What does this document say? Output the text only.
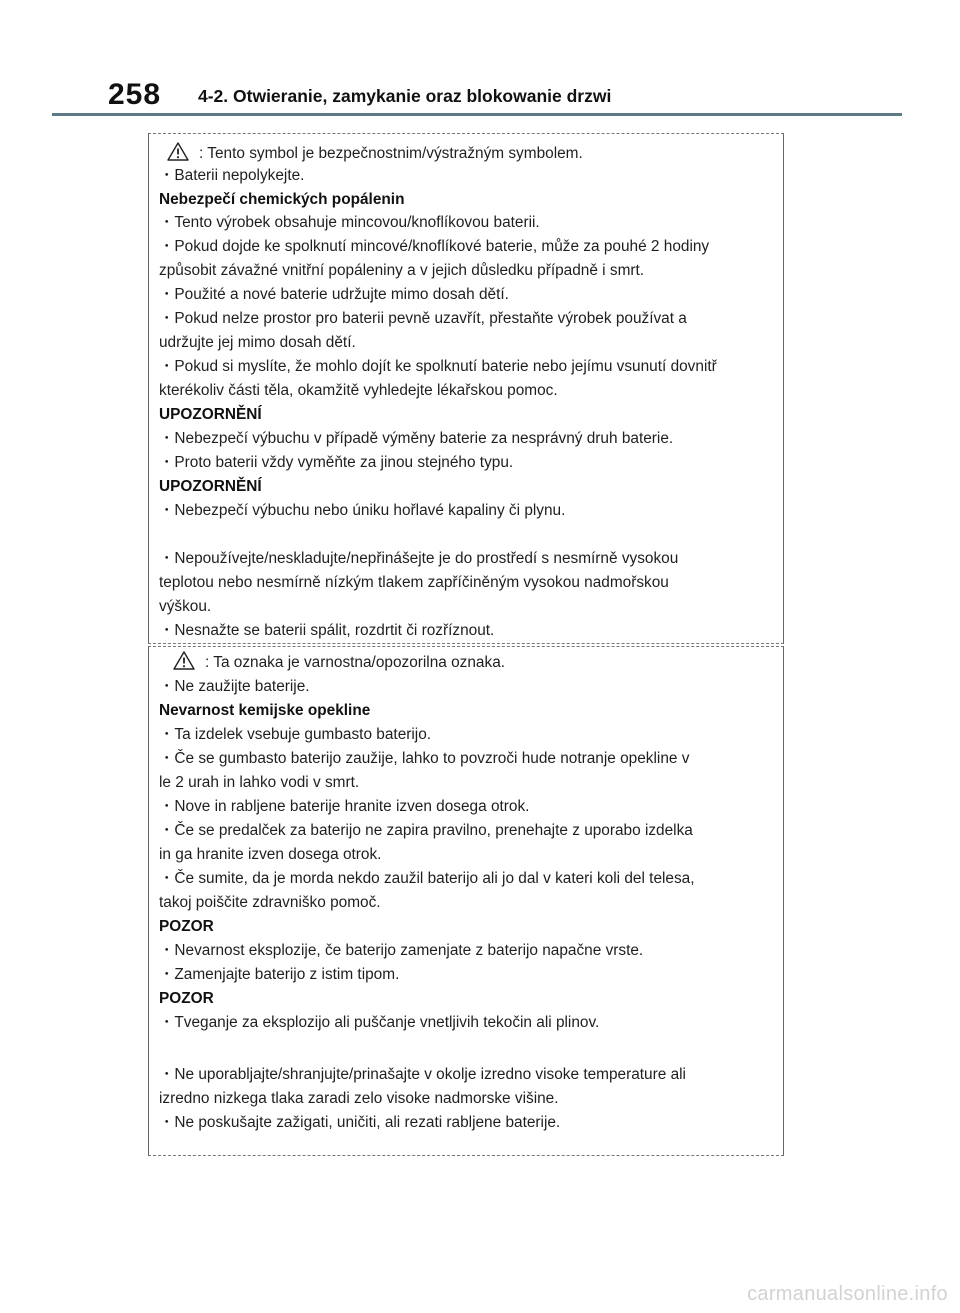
258 4-2. Otwieranie, zamykanie oraz blokowanie drzwi
: Tento symbol je bezpečnostnim/výstražným symbolem.
・Baterii nepolykejte.
Nebezpečí chemických popálenin
・Tento výrobek obsahuje mincovou/knoflíkovou baterii.
・Pokud dojde ke spolknutí mincové/knoflíkové baterie, může za pouhé 2 hodiny
způsobit závažné vnitřní popáleniny a v jejich důsledku případně i smrt.
・Použité a nové baterie udržujte mimo dosah dětí.
・Pokud nelze prostor pro baterii pevně uzavřít, přestaňte výrobek používat a
udržujte jej mimo dosah dětí.
・Pokud si myslíte, že mohlo dojít ke spolknutí baterie nebo jejímu vsunutí dovnitř
kterékoliv části těla, okamžitě vyhledejte lékařskou pomoc.
UPOZORNĚNÍ
・Nebezpečí výbuchu v případě výměny baterie za nesprávný druh baterie.
・Proto baterii vždy vyměňte za jinou stejného typu.
UPOZORNĚNÍ
・Nebezpečí výbuchu nebo úniku hořlavé kapaliny či plynu.
・Nepoužívejte/neskladujte/nepřinášejte je do prostředí s nesmírně vysokou
teplotou nebo nesmírně nízkým tlakem zapříčiněným vysokou nadmořskou
výškou.
・Nesnažte se baterii spálit, rozdrtit či rozříznout.
: Ta oznaka je varnostna/opozorilna oznaka.
・Ne zaužijte baterije.
Nevarnost kemijske opekline
・Ta izdelek vsebuje gumbasto baterijo.
・Če se gumbasto baterijo zaužije, lahko to povzroči hude notranje opekline v
le 2 urah in lahko vodi v smrt.
・Nove in rabljene baterije hranite izven dosega otrok.
・Če se predalček za baterijo ne zapira pravilno, prenehajte z uporabo izdelka
in ga hranite izven dosega otrok.
・Če sumite, da je morda nekdo zaužil baterijo ali jo dal v kateri koli del telesa,
takoj poiščite zdravniško pomoč.
POZOR
・Nevarnost eksplozije, če baterijo zamenjate z baterijo napačne vrste.
・Zamenjajte baterijo z istim tipom.
POZOR
・Tveganje za eksplozijo ali puščanje vnetljivih tekočin ali plinov.
・Ne uporabljajte/shranjujte/prinašajte v okolje izredno visoke temperature ali
izredno nizkega tlaka zaradi zelo visoke nadmorske višine.
・Ne poskušajte zažigati, uničiti, ali rezati rabljene baterije.
carmanualsonline.info
